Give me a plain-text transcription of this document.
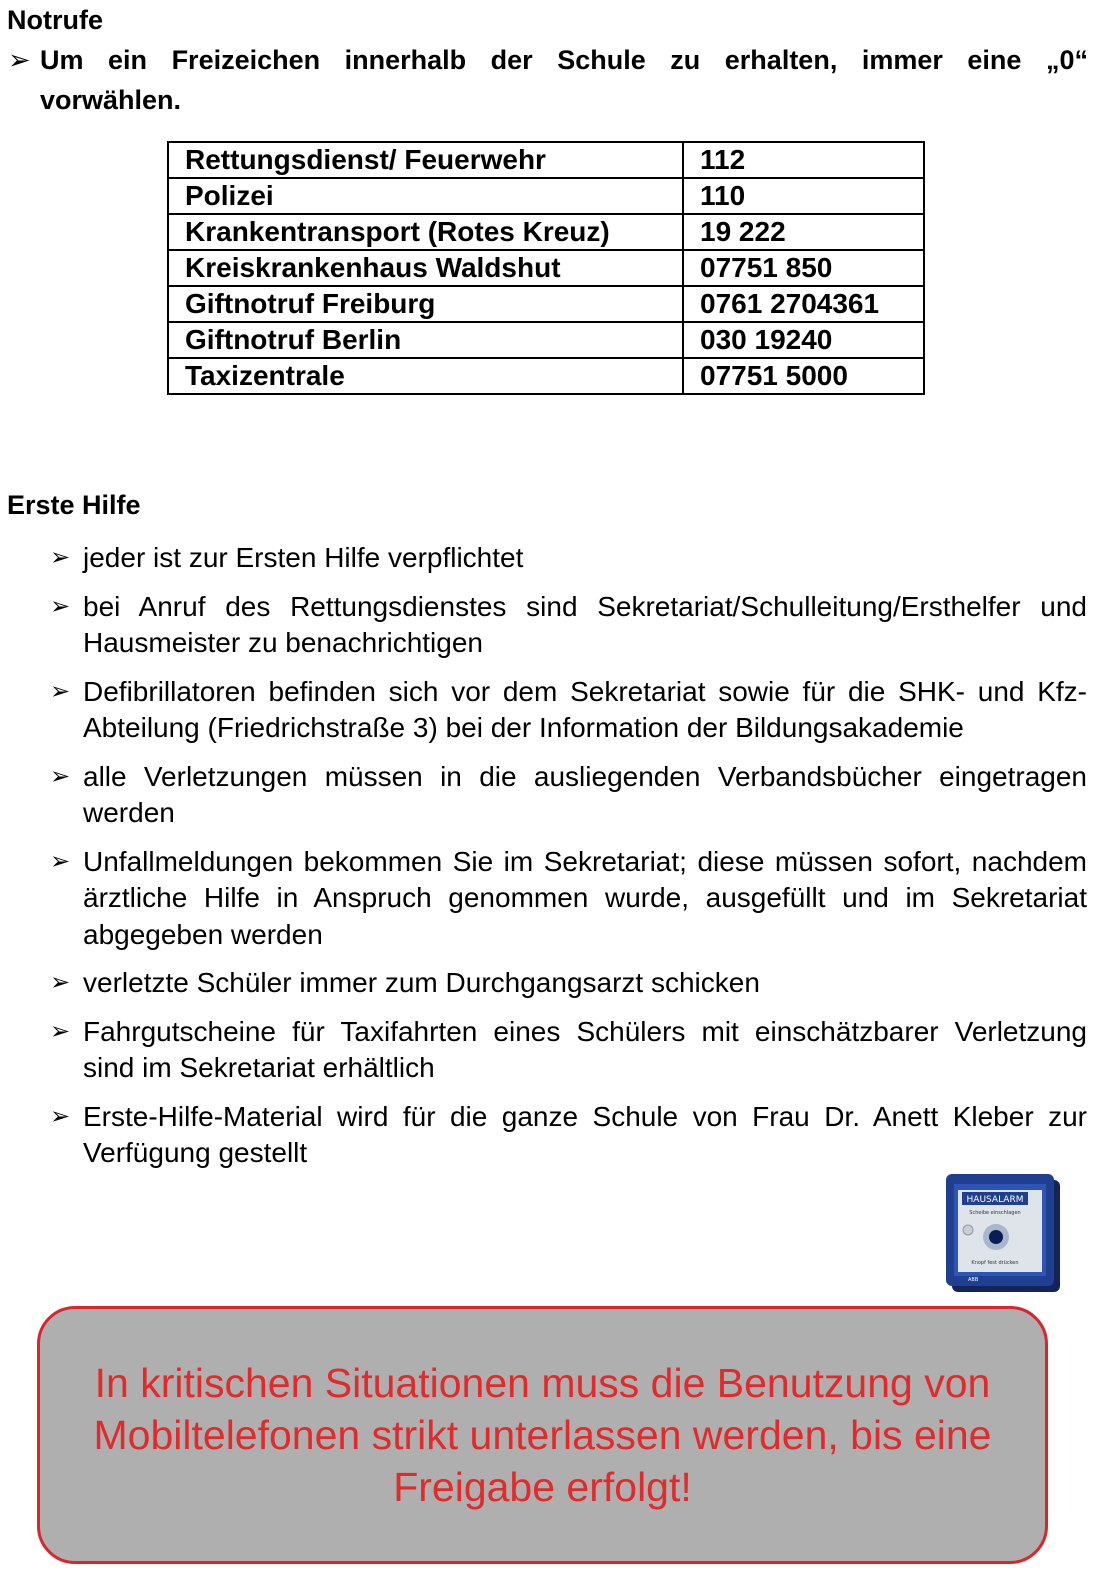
Notrufe
➢ Um ein Freizeichen innerhalb der Schule zu erhalten, immer eine „0“
vorwählen.
Rettungsdienst/ Feuerwehr	112
Polizei	110
Krankentransport (Rotes Kreuz)	19 222
Kreiskrankenhaus Waldshut	07751 850
Giftnotruf Freiburg	0761 2704361
Giftnotruf Berlin	030 19240
Taxizentrale	07751 5000
Erste Hilfe
➢ jeder ist zur Ersten Hilfe verpflichtet
➢ bei Anruf des Rettungsdienstes sind Sekretariat/Schulleitung/Ersthelfer und Hausmeister zu benachrichtigen
➢ Defibrillatoren befinden sich vor dem Sekretariat sowie für die SHK- und Kfz-Abteilung (Friedrichstraße 3) bei der Information der Bildungsakademie
➢ alle Verletzungen müssen in die ausliegenden Verbandsbücher eingetragen werden
➢ Unfallmeldungen bekommen Sie im Sekretariat; diese müssen sofort, nachdem ärztliche Hilfe in Anspruch genommen wurde, ausgefüllt und im Sekretariat abgegeben werden
➢ verletzte Schüler immer zum Durchgangsarzt schicken
➢ Fahrgutscheine für Taxifahrten eines Schülers mit einschätzbarer Verletzung sind im Sekretariat erhältlich
➢ Erste-Hilfe-Material wird für die ganze Schule von Frau Dr. Anett Kleber zur Verfügung gestellt
HAUSALARM
Scheibe einschlagen
Knopf fest drücken
ABB
In kritischen Situationen muss die Benutzung von Mobiltelefonen strikt unterlassen werden, bis eine Freigabe erfolgt!
